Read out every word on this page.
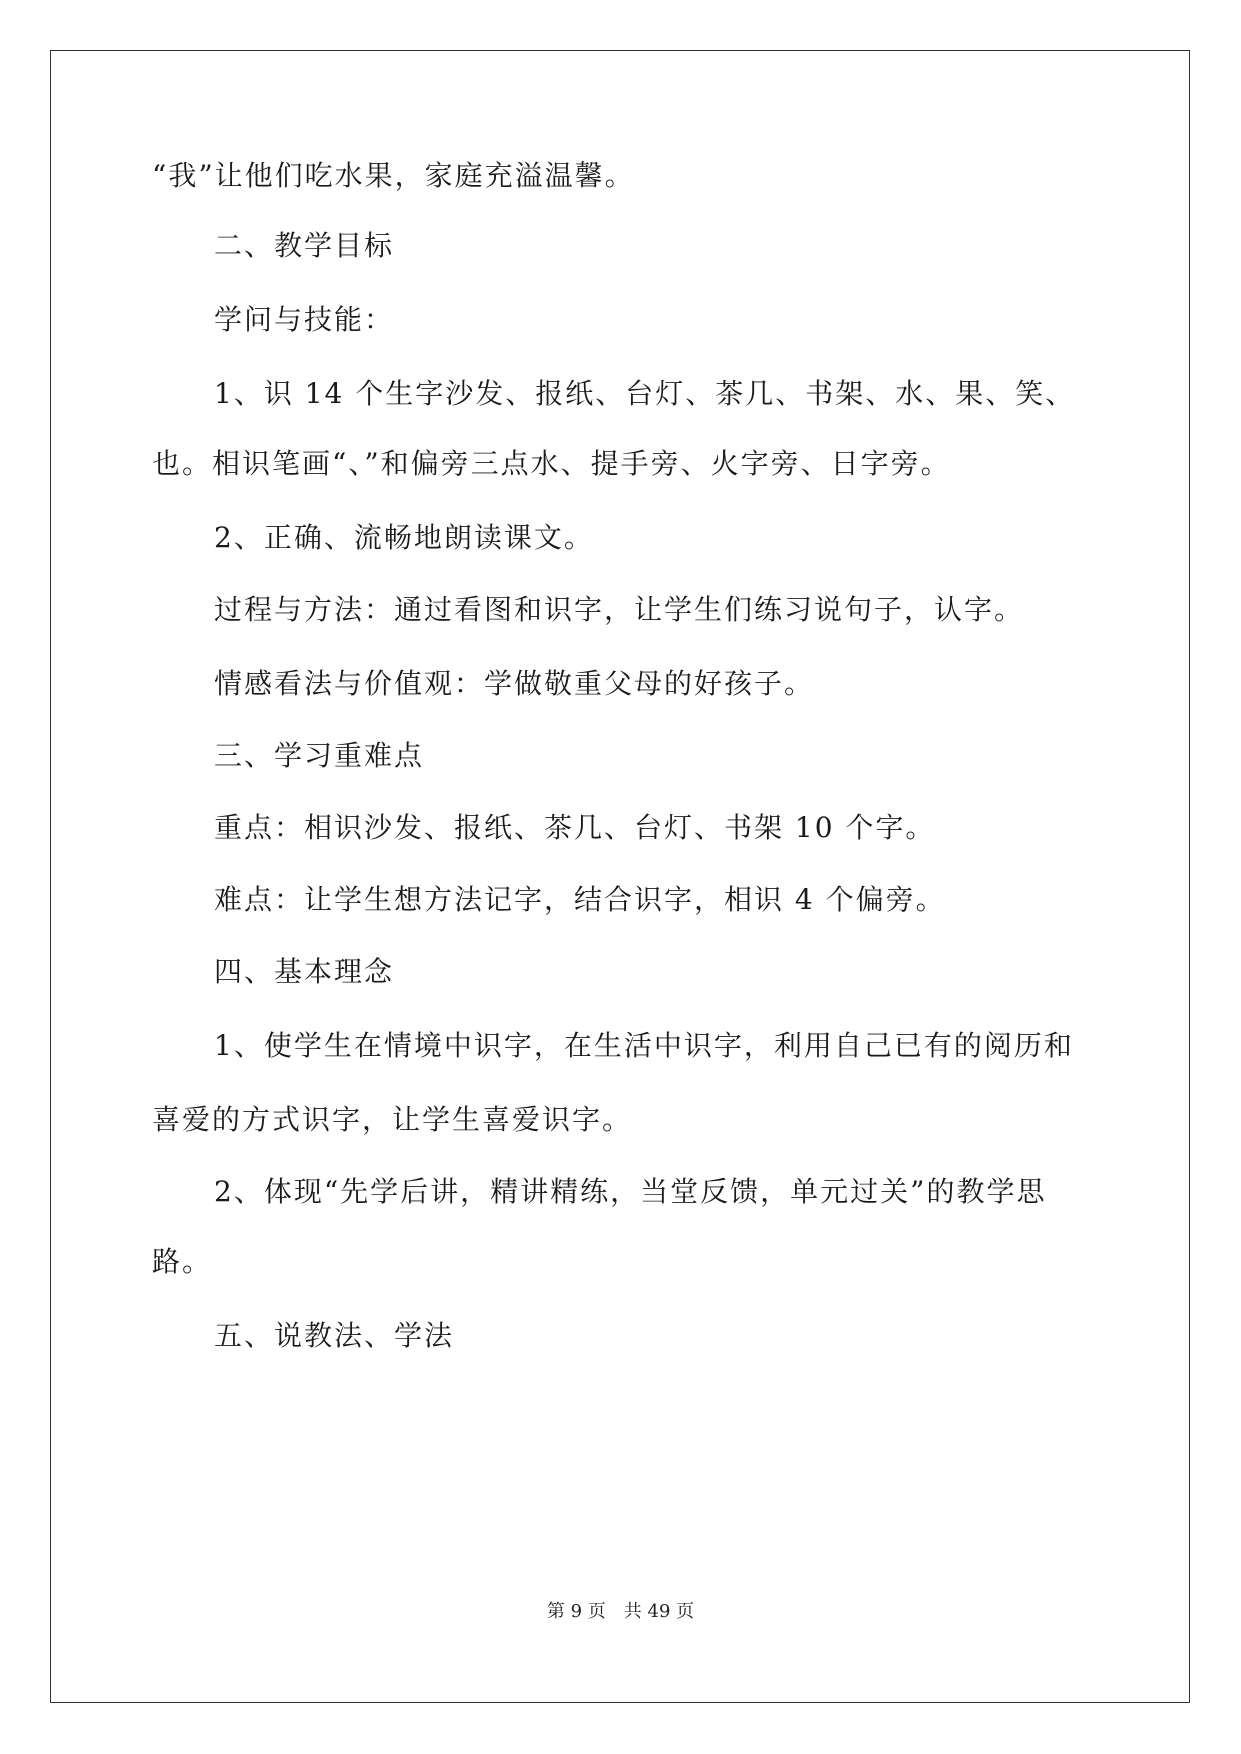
“我”让他们吃水果，家庭充溢温馨。
二、教学目标
学问与技能：
1、识 14 个生字沙发、报纸、台灯、茶几、书架、水、果、笑、
也。相识笔画“、”和偏旁三点水、提手旁、火字旁、日字旁。
2、正确、流畅地朗读课文。
过程与方法：通过看图和识字，让学生们练习说句子，认字。
情感看法与价值观：学做敬重父母的好孩子。
三、学习重难点
重点：相识沙发、报纸、茶几、台灯、书架 10 个字。
难点：让学生想方法记字，结合识字，相识 4 个偏旁。
四、基本理念
1、使学生在情境中识字，在生活中识字，利用自己已有的阅历和
喜爱的方式识字，让学生喜爱识字。
2、体现“先学后讲，精讲精练，当堂反馈，单元过关”的教学思
路。
五、说教法、学法
第 9 页 共 49 页
